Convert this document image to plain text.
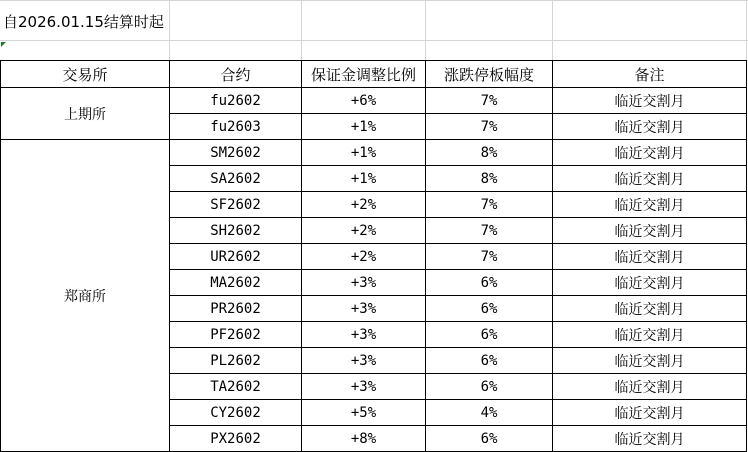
自2026.01.15结算时起
交易所	合约	保证金调整比例	涨跌停板幅度	备注
上期所	fu2602	+6%	7%	临近交割月
	fu2603	+1%	7%	临近交割月
郑商所	SM2602	+1%	8%	临近交割月
	SA2602	+1%	8%	临近交割月
	SF2602	+2%	7%	临近交割月
	SH2602	+2%	7%	临近交割月
	UR2602	+2%	7%	临近交割月
	MA2602	+3%	6%	临近交割月
	PR2602	+3%	6%	临近交割月
	PF2602	+3%	6%	临近交割月
	PL2602	+3%	6%	临近交割月
	TA2602	+3%	6%	临近交割月
	CY2602	+5%	4%	临近交割月
	PX2602	+8%	6%	临近交割月
